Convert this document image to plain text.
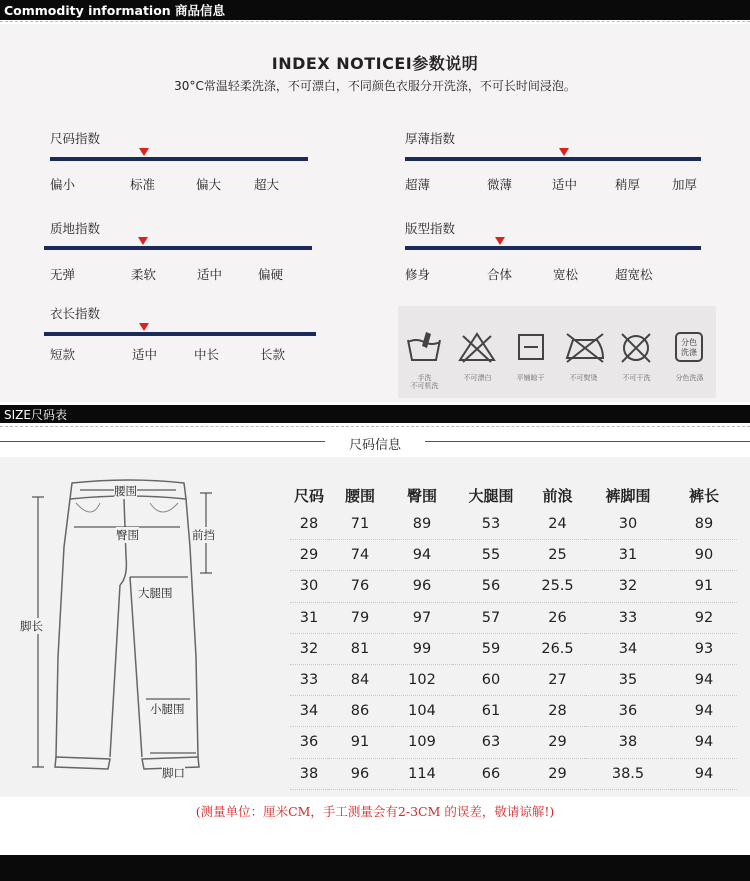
Commodity information 商品信息
INDEX NOTICEI参数说明
30°C常温轻柔洗涤，不可漂白，不同颜色衣服分开洗涤，不可长时间浸泡。
尺码指数
偏小	标准	偏大	超大
厚薄指数
超薄	微薄	适中	稍厚	加厚
质地指数
无弹	柔软	适中	偏硬
版型指数
修身	合体	宽松	超宽松
衣长指数
短款	适中	中长	长款
手洗
不可机洗
不可漂白	平铺晾干	不可熨烫	不可干洗
分色
洗涤
分色洗涤
SIZE尺码表
尺码信息
腰围
臀围	前挡
大腿围
脚长
小腿围
脚口
尺码	腰围	臀围	大腿围	前浪	裤脚围	裤长
28	71	89	53	24	30	89
29	74	94	55	25	31	90
30	76	96	56	25.5	32	91
31	79	97	57	26	33	92
32	81	99	59	26.5	34	93
33	84	102	60	27	35	94
34	86	104	61	28	36	94
36	91	109	63	29	38	94
38	96	114	66	29	38.5	94
(测量单位：厘米CM，手工测量会有2-3CM 的误差，敬请谅解!)
